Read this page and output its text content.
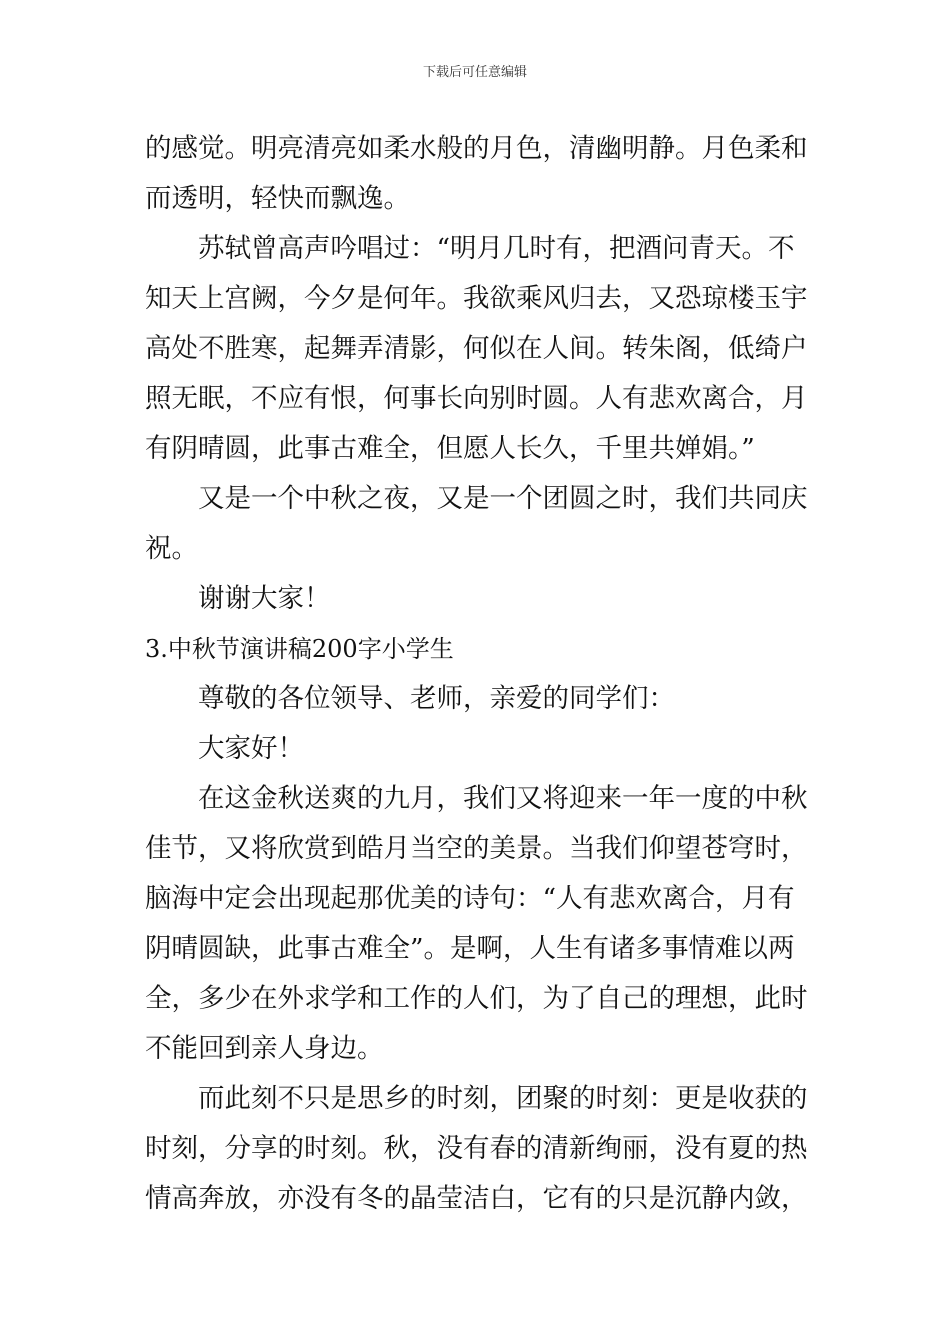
下载后可任意编辑
的感觉。明亮清亮如柔水般的月色，清幽明静。月色柔和
而透明，轻快而飘逸。
苏轼曾高声吟唱过：“明月几时有，把酒问青天。不
知天上宫阙，今夕是何年。我欲乘风归去，又恐琼楼玉宇
高处不胜寒，起舞弄清影，何似在人间。转朱阁，低绮户
照无眠，不应有恨，何事长向别时圆。人有悲欢离合，月
有阴晴圆，此事古难全，但愿人长久，千里共婵娟。”
又是一个中秋之夜，又是一个团圆之时，我们共同庆
祝。
谢谢大家！
3.中秋节演讲稿200字小学生
尊敬的各位领导、老师，亲爱的同学们：
大家好！
在这金秋送爽的九月，我们又将迎来一年一度的中秋
佳节，又将欣赏到皓月当空的美景。当我们仰望苍穹时，
脑海中定会出现起那优美的诗句：“人有悲欢离合，月有
阴晴圆缺，此事古难全”。是啊，人生有诸多事情难以两
全，多少在外求学和工作的人们，为了自己的理想，此时
不能回到亲人身边。
而此刻不只是思乡的时刻，团聚的时刻：更是收获的
时刻，分享的时刻。秋，没有春的清新绚丽，没有夏的热
情高奔放，亦没有冬的晶莹洁白，它有的只是沉静内敛，
